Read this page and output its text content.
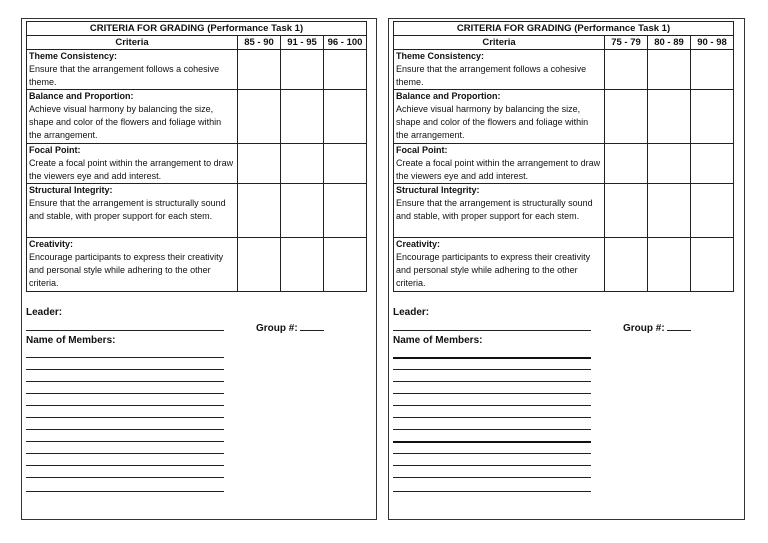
CRITERIA FOR GRADING (Performance Task 1)			
Criteria	85 - 90	91 - 95	96 - 100

Theme Consistency:
Ensure that the arrangement follows a cohesive theme.			

Balance and Proportion:
Achieve visual harmony by balancing the size, shape and color of the flowers and foliage within the arrangement.			

Focal Point:
Create a focal point within the arrangement to draw the viewers eye and add interest.			

Structural Integrity:
Ensure that the arrangement is structurally sound and stable, with proper support for each stem.			

Creativity:
Encourage participants to express their creativity and personal style while adhering to the other criteria.			

Leader:
Group #:
Name of Members:
CRITERIA FOR GRADING (Performance Task 1)			
Criteria	75 - 79	80 - 89	90 - 98

Theme Consistency:
Ensure that the arrangement follows a cohesive theme.			

Balance and Proportion:
Achieve visual harmony by balancing the size, shape and color of the flowers and foliage within the arrangement.			

Focal Point:
Create a focal point within the arrangement to draw the viewers eye and add interest.			

Structural Integrity:
Ensure that the arrangement is structurally sound and stable, with proper support for each stem.			

Creativity:
Encourage participants to express their creativity and personal style while adhering to the other criteria.			

Leader:
Group #:
Name of Members:
